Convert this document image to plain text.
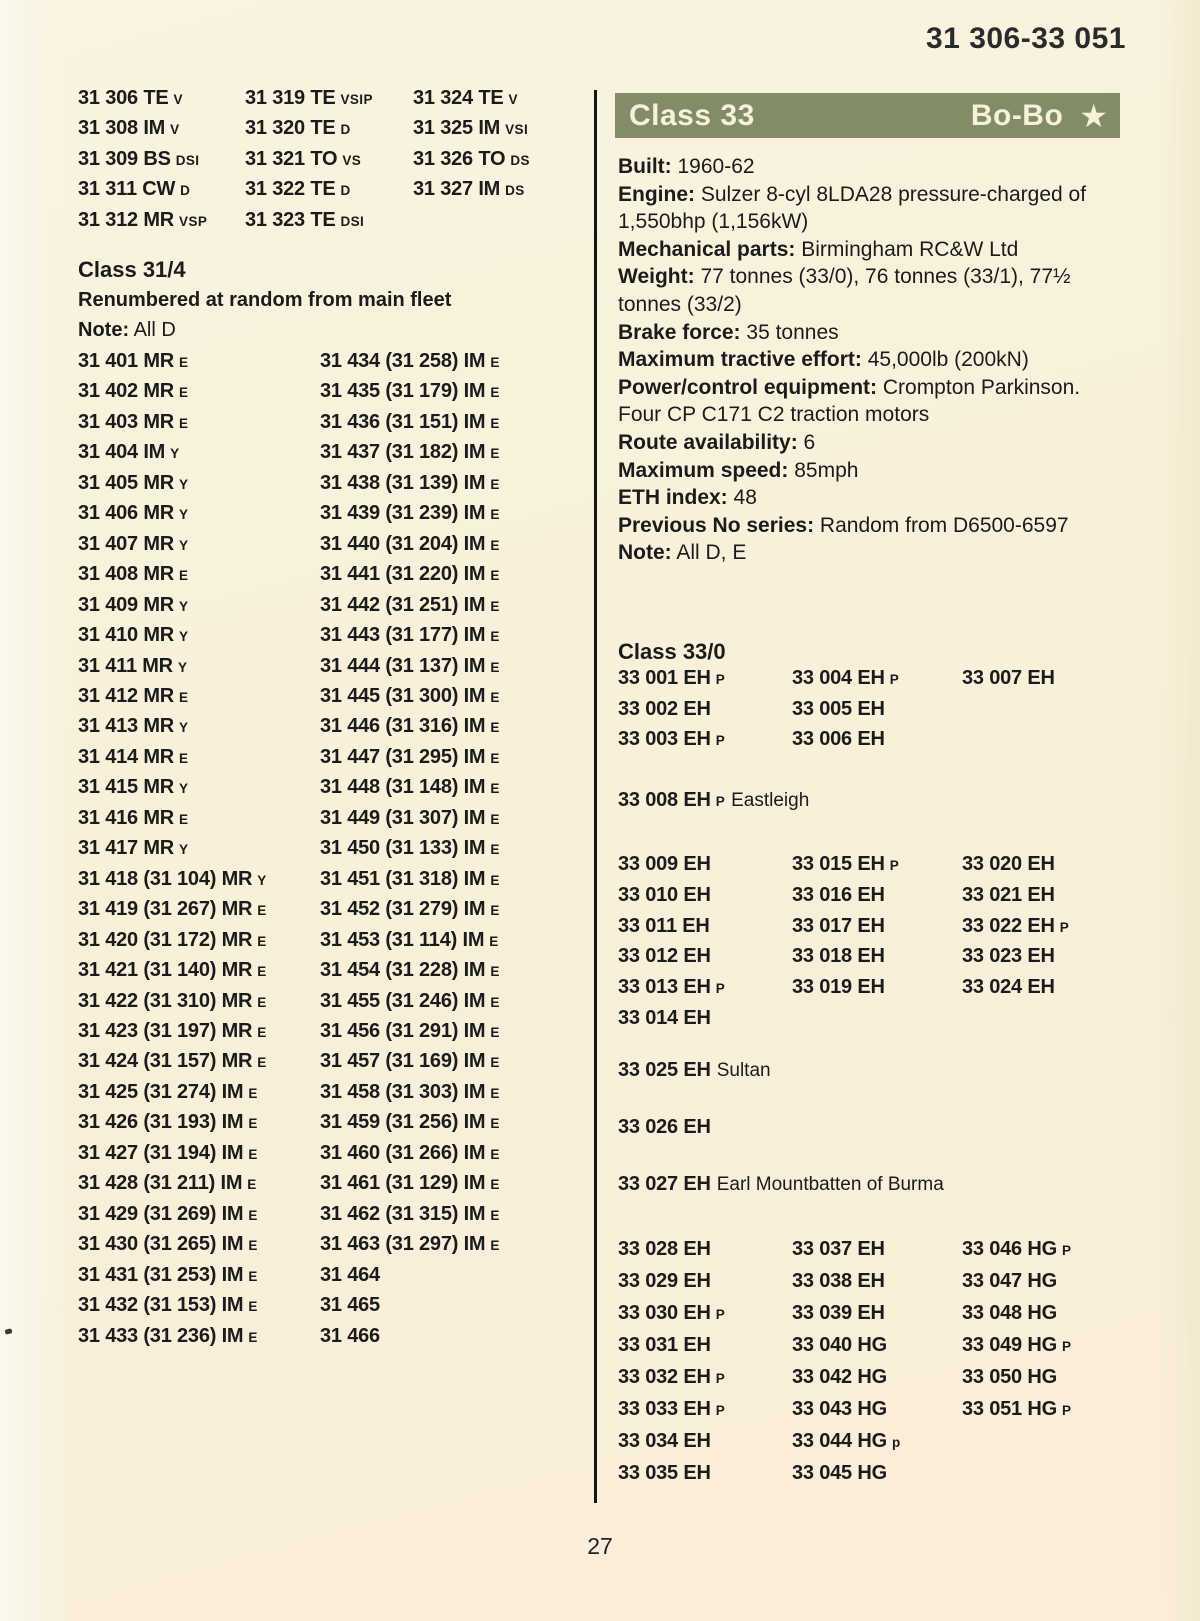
31 306-33 051
31 306 TE V
31 308 IM V
31 309 BS DSI
31 311 CW D
31 312 MR VSP
31 319 TE VSIP
31 320 TE D
31 321 TO VS
31 322 TE D
31 323 TE DSI
31 324 TE V
31 325 IM VSI
31 326 TO DS
31 327 IM DS
Class 31/4
Renumbered at random from main fleet
Note: All D
31 401 MR E
31 402 MR E
31 403 MR E
31 404 IM Y
31 405 MR Y
31 406 MR Y
31 407 MR Y
31 408 MR E
31 409 MR Y
31 410 MR Y
31 411 MR Y
31 412 MR E
31 413 MR Y
31 414 MR E
31 415 MR Y
31 416 MR E
31 417 MR Y
31 418 (31 104) MR Y
31 419 (31 267) MR E
31 420 (31 172) MR E
31 421 (31 140) MR E
31 422 (31 310) MR E
31 423 (31 197) MR E
31 424 (31 157) MR E
31 425 (31 274) IM E
31 426 (31 193) IM E
31 427 (31 194) IM E
31 428 (31 211) IM E
31 429 (31 269) IM E
31 430 (31 265) IM E
31 431 (31 253) IM E
31 432 (31 153) IM E
31 433 (31 236) IM E
31 434 (31 258) IM E
31 435 (31 179) IM E
31 436 (31 151) IM E
31 437 (31 182) IM E
31 438 (31 139) IM E
31 439 (31 239) IM E
31 440 (31 204) IM E
31 441 (31 220) IM E
31 442 (31 251) IM E
31 443 (31 177) IM E
31 444 (31 137) IM E
31 445 (31 300) IM E
31 446 (31 316) IM E
31 447 (31 295) IM E
31 448 (31 148) IM E
31 449 (31 307) IM E
31 450 (31 133) IM E
31 451 (31 318) IM E
31 452 (31 279) IM E
31 453 (31 114) IM E
31 454 (31 228) IM E
31 455 (31 246) IM E
31 456 (31 291) IM E
31 457 (31 169) IM E
31 458 (31 303) IM E
31 459 (31 256) IM E
31 460 (31 266) IM E
31 461 (31 129) IM E
31 462 (31 315) IM E
31 463 (31 297) IM E
31 464
31 465
31 466
Class 33	Bo-Bo ★
Built: 1960-62
Engine: Sulzer 8-cyl 8LDA28 pressure-charged of 1,550bhp (1,156kW)
Mechanical parts: Birmingham RC&W Ltd
Weight: 77 tonnes (33/0), 76 tonnes (33/1), 77½ tonnes (33/2)
Brake force: 35 tonnes
Maximum tractive effort: 45,000lb (200kN)
Power/control equipment: Crompton Parkinson. Four CP C171 C2 traction motors
Route availability: 6
Maximum speed: 85mph
ETH index: 48
Previous No series: Random from D6500-6597
Note: All D, E
Class 33/0
33 001 EH P
33 002 EH
33 003 EH P
33 004 EH P
33 005 EH
33 006 EH
33 007 EH
33 008 EH P Eastleigh
33 009 EH
33 010 EH
33 011 EH
33 012 EH
33 013 EH P
33 014 EH
33 015 EH P
33 016 EH
33 017 EH
33 018 EH
33 019 EH
33 020 EH
33 021 EH
33 022 EH P
33 023 EH
33 024 EH
33 025 EH Sultan
33 026 EH
33 027 EH Earl Mountbatten of Burma
33 028 EH
33 029 EH
33 030 EH P
33 031 EH
33 032 EH P
33 033 EH P
33 034 EH
33 035 EH
33 037 EH
33 038 EH
33 039 EH
33 040 HG
33 042 HG
33 043 HG
33 044 HG p
33 045 HG
33 046 HG P
33 047 HG
33 048 HG
33 049 HG P
33 050 HG
33 051 HG P
27
